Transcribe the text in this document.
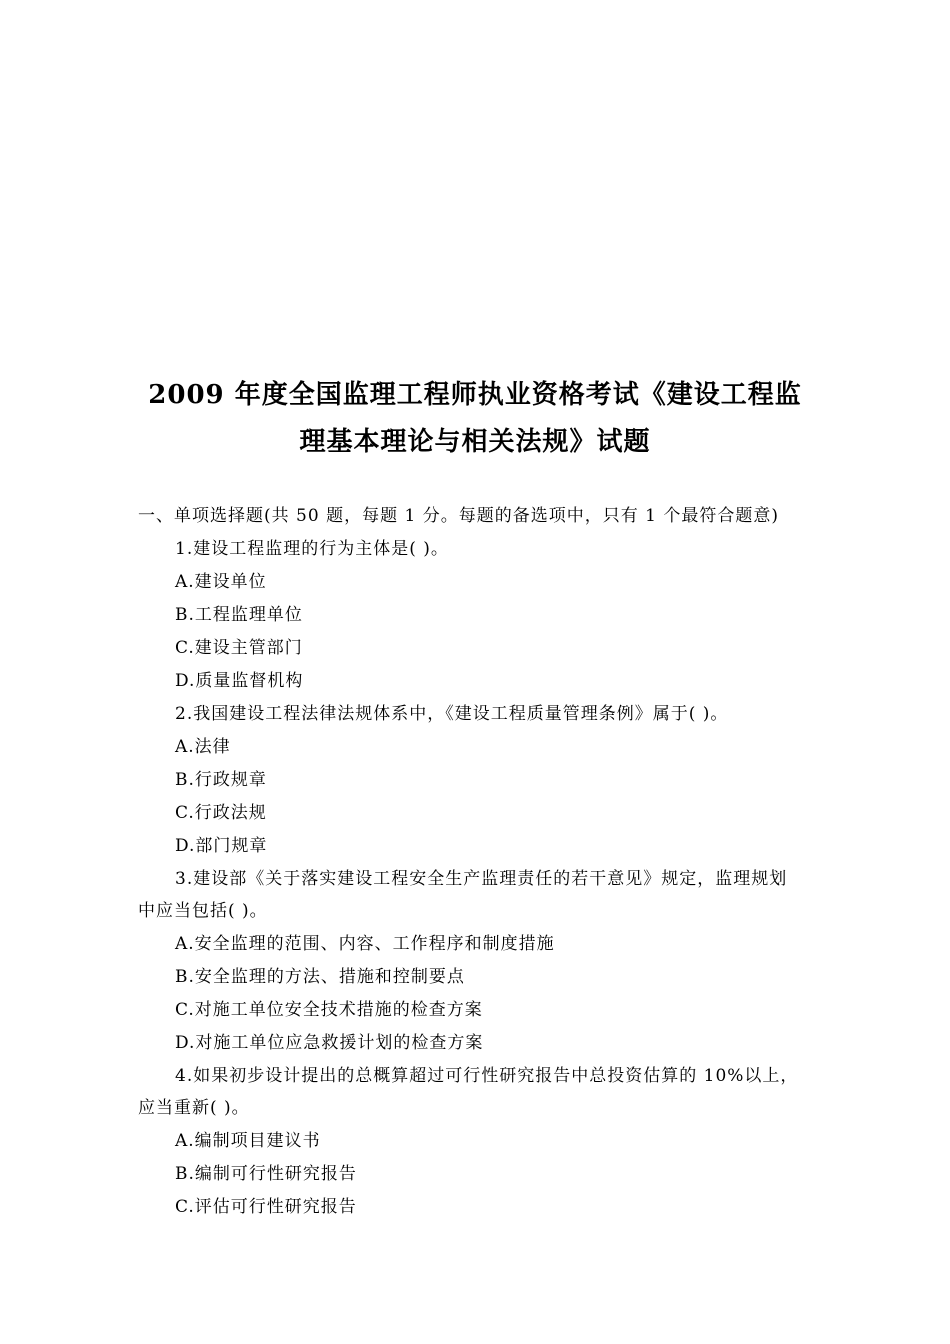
2009 年度全国监理工程师执业资格考试《建设工程监
理基本理论与相关法规》试题
一、单项选择题(共 50 题，每题 1 分。每题的备选项中，只有 1 个最符合题意)
1.建设工程监理的行为主体是( )。
A.建设单位
B.工程监理单位
C.建设主管部门
D.质量监督机构
2.我国建设工程法律法规体系中，《建设工程质量管理条例》属于( )。
A.法律
B.行政规章
C.行政法规
D.部门规章
3.建设部《关于落实建设工程安全生产监理责任的若干意见》规定，监理规划
中应当包括( )。
A.安全监理的范围、内容、工作程序和制度措施
B.安全监理的方法、措施和控制要点
C.对施工单位安全技术措施的检查方案
D.对施工单位应急救援计划的检查方案
4.如果初步设计提出的总概算超过可行性研究报告中总投资估算的 10%以上，
应当重新( )。
A.编制项目建议书
B.编制可行性研究报告
C.评估可行性研究报告
